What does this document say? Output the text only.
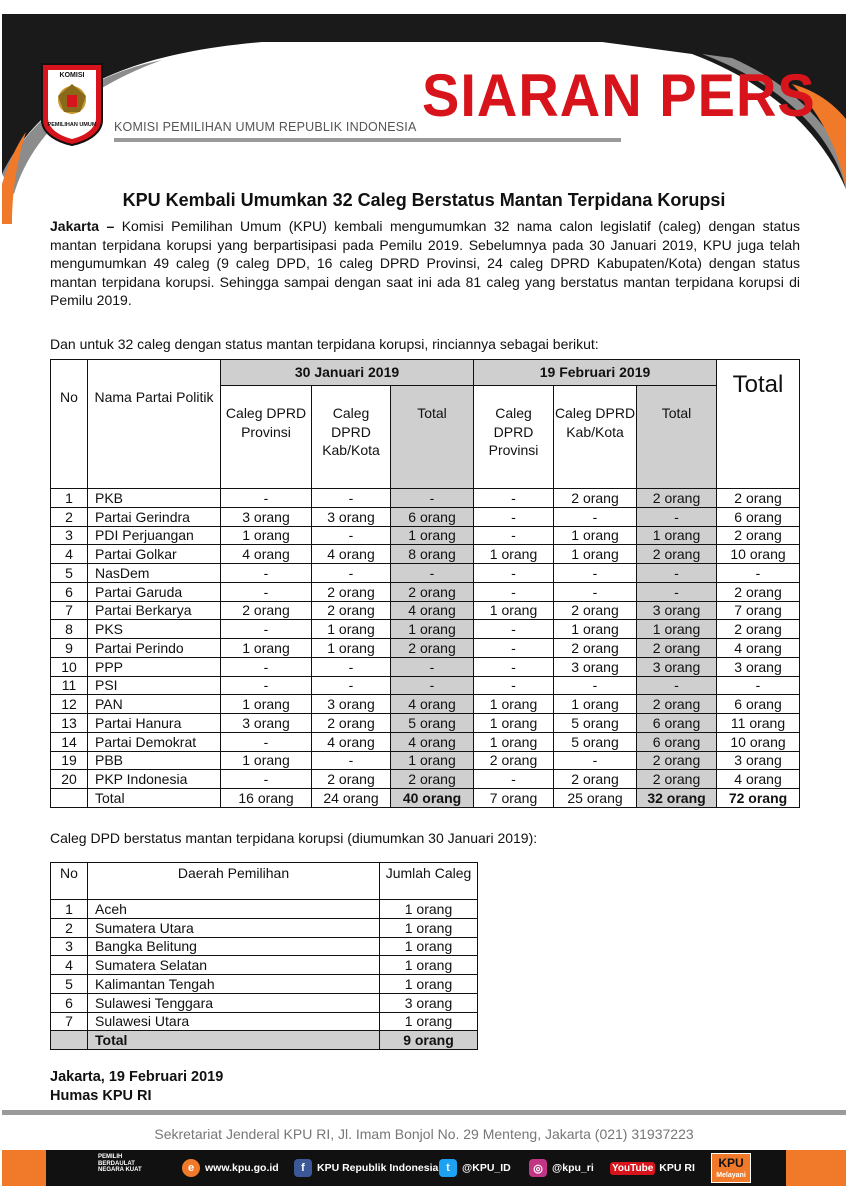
KOMISI
PEMILIHAN UMUM KOMISI PEMILIHAN UMUM REPUBLIK INDONESIA SIARAN PERS
KPU Kembali Umumkan 32 Caleg Berstatus Mantan Terpidana Korupsi

Jakarta – Komisi Pemilihan Umum (KPU) kembali mengumumkan 32 nama calon legislatif (caleg) dengan status mantan terpidana korupsi yang berpartisipasi pada Pemilu 2019. Sebelumnya pada 30 Januari 2019, KPU juga telah mengumumkan 49 caleg (9 caleg DPD, 16 caleg DPRD Provinsi, 24 caleg DPRD Kabupaten/Kota) dengan status mantan terpidana korupsi. Sehingga sampai dengan saat ini ada 81 caleg yang berstatus mantan terpidana korupsi di Pemilu 2019.

Dan untuk 32 caleg dengan status mantan terpidana korupsi, rinciannya sebagai berikut:

No	Nama Partai Politik	30 Januari 2019			19 Februari 2019			Total
		Caleg DPRD Provinsi	Caleg DPRD Kab/Kota	Total	Caleg DPRD Provinsi	Caleg DPRD Kab/Kota	Total	
1	PKB	-	-	-	-	2 orang	2 orang	2 orang
2	Partai Gerindra	3 orang	3 orang	6 orang	-	-	-	6 orang
3	PDI Perjuangan	1 orang	-	1 orang	-	1 orang	1 orang	2 orang
4	Partai Golkar	4 orang	4 orang	8 orang	1 orang	1 orang	2 orang	10 orang
5	NasDem	-	-	-	-	-	-	-
6	Partai Garuda	-	2 orang	2 orang	-	-	-	2 orang
7	Partai Berkarya	2 orang	2 orang	4 orang	1 orang	2 orang	3 orang	7 orang
8	PKS	-	1 orang	1 orang	-	1 orang	1 orang	2 orang
9	Partai Perindo	1 orang	1 orang	2 orang	-	2 orang	2 orang	4 orang
10	PPP	-	-	-	-	3 orang	3 orang	3 orang
11	PSI	-	-	-	-	-	-	-
12	PAN	1 orang	3 orang	4 orang	1 orang	1 orang	2 orang	6 orang
13	Partai Hanura	3 orang	2 orang	5 orang	1 orang	5 orang	6 orang	11 orang
14	Partai Demokrat	-	4 orang	4 orang	1 orang	5 orang	6 orang	10 orang
19	PBB	1 orang	-	1 orang	2 orang	-	2 orang	3 orang
20	PKP Indonesia	-	2 orang	2 orang	-	2 orang	2 orang	4 orang
	Total	16 orang	24 orang	40 orang	7 orang	25 orang	32 orang	72 orang
Caleg DPD berstatus mantan terpidana korupsi (diumumkan 30 Januari 2019):
No	Daerah Pemilihan	Jumlah Caleg
1	Aceh	1 orang
2	Sumatera Utara	1 orang
3	Bangka Belitung	1 orang
4	Sumatera Selatan	1 orang
5	Kalimantan Tengah	1 orang
6	Sulawesi Tenggara	3 orang
7	Sulawesi Utara	1 orang
	Total	9 orang
Jakarta, 19 Februari 2019
Humas KPU RI
Sekretariat Jenderal KPU RI, Jl. Imam Bonjol No. 29 Menteng, Jakarta (021) 31937223
PEMILIH BERDAULAT NEGARA KUAT	e	www.kpu.go.id	f	KPU Republik Indonesia t	@KPU_ID	◎ @kpu_ri YouTube KPU RI	KPU
Melayani
